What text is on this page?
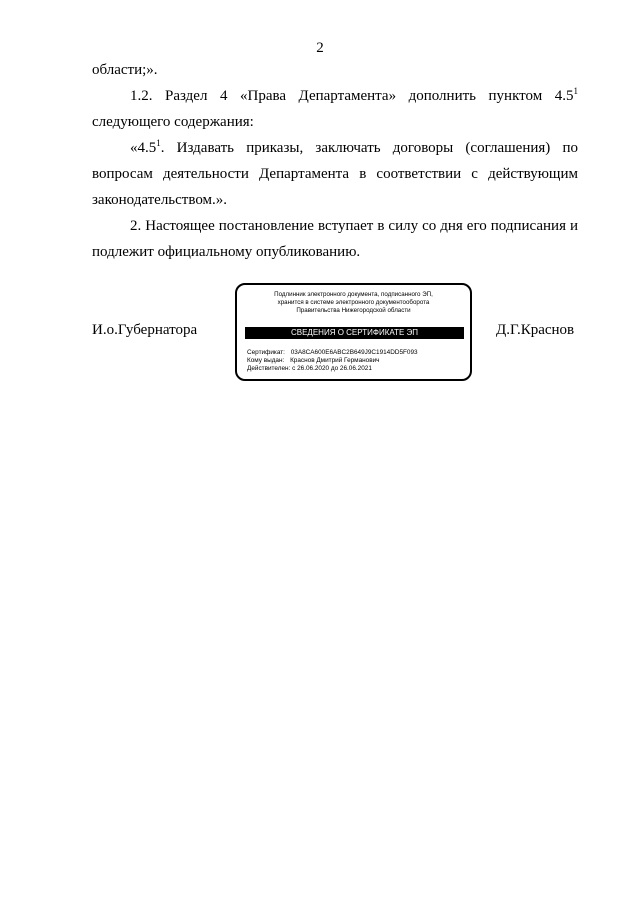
2
области;».
1.2. Раздел 4 «Права Департамента» дополнить пунктом $4.5^1$
следующего содержания:
«$4.5^1$. Издавать приказы, заключать договоры (соглашения) по
вопросам деятельности Департамента в соответствии с действующим
законодательством.».
2. Настоящее постановление вступает в силу со дня его подписания и
подлежит официальному опубликованию.
И.о.Губернатора	Д.Г.Краснов
Подлинник электронного документа, подписанного ЭП,
хранится в системе электронного документооборота
Правительства Нижегородской области
СВЕДЕНИЯ О СЕРТИФИКАТЕ ЭП
Сертификат: 03A8CA600E6ABC2B649J9C1914DD5F093
Кому выдан: Краснов Дмитрий Германович
Действителен: с 26.06.2020 до 26.06.2021
